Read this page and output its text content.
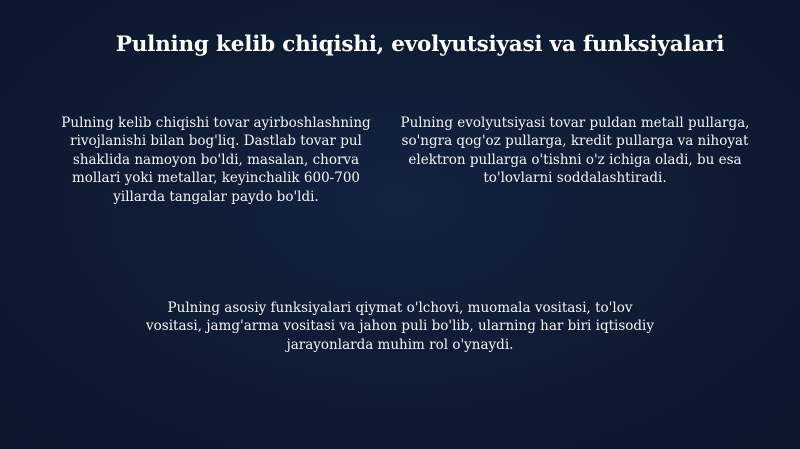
Pulning kelib chiqishi, evolyutsiyasi va funksiyalari
Pulning kelib chiqishi tovar ayirboshlashning rivojlanishi bilan bog'liq. Dastlab tovar pul shaklida namoyon bo'ldi, masalan, chorva mollari yoki metallar, keyinchalik 600-700 yillarda tangalar paydo bo'ldi.
Pulning evolyutsiyasi tovar puldan metall pullarga, so'ngra qog'oz pullarga, kredit pullarga va nihoyat elektron pullarga o'tishni o'z ichiga oladi, bu esa to'lovlarni soddalashtiradi.
Pulning asosiy funksiyalari qiymat o'lchovi, muomala vositasi, to'lov vositasi, jamg'arma vositasi va jahon puli bo'lib, ularning har biri iqtisodiy jarayonlarda muhim rol o'ynaydi.
